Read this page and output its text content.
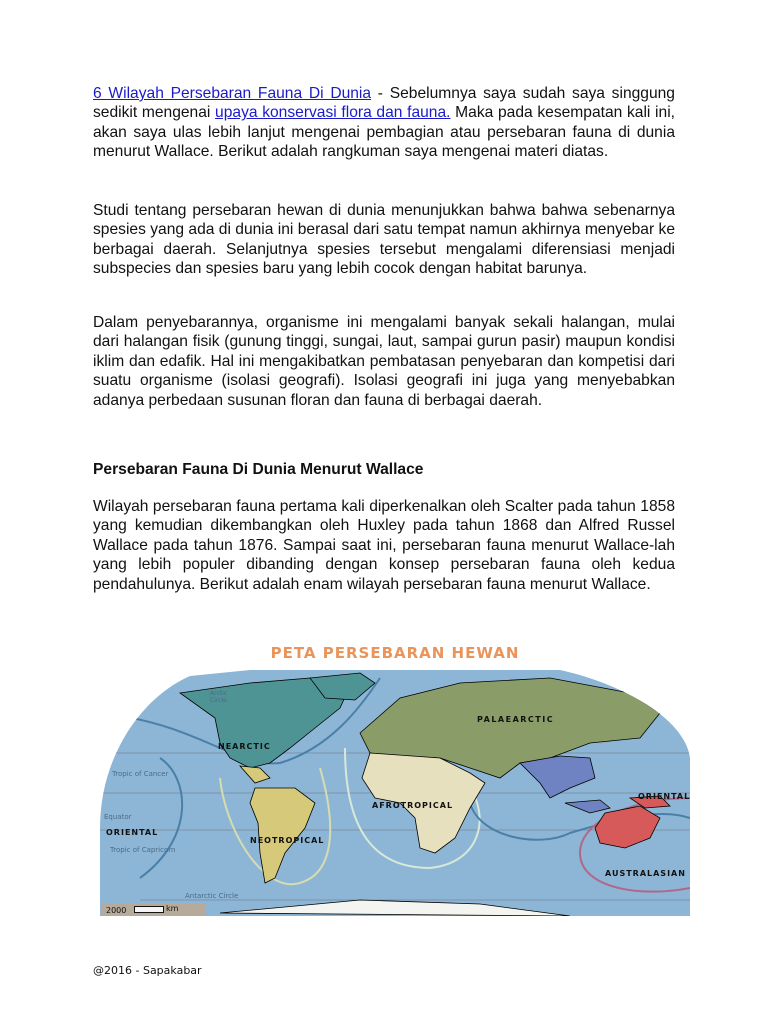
6 Wilayah Persebaran Fauna Di Dunia - Sebelumnya saya sudah saya singgung sedikit mengenai upaya konservasi flora dan fauna. Maka pada kesempatan kali ini, akan saya ulas lebih lanjut mengenai pembagian atau persebaran fauna di dunia menurut Wallace. Berikut adalah rangkuman saya mengenai materi diatas.

Studi tentang persebaran hewan di dunia menunjukkan bahwa bahwa sebenarnya spesies yang ada di dunia ini berasal dari satu tempat namun akhirnya menyebar ke berbagai daerah. Selanjutnya spesies tersebut mengalami diferensiasi menjadi subspecies dan spesies baru yang lebih cocok dengan habitat barunya.

Dalam penyebarannya, organisme ini mengalami banyak sekali halangan, mulai dari halangan fisik (gunung tinggi, sungai, laut, sampai gurun pasir) maupun kondisi iklim dan edafik. Hal ini mengakibatkan pembatasan penyebaran dan kompetisi dari suatu organisme (isolasi geografi). Isolasi geografi ini juga yang menyebabkan adanya perbedaan susunan floran dan fauna di berbagai daerah.

Persebaran Fauna Di Dunia Menurut Wallace

Wilayah persebaran fauna pertama kali diperkenalkan oleh Scalter pada tahun 1858 yang kemudian dikembangkan oleh Huxley pada tahun 1868 dan Alfred Russel Wallace pada tahun 1876. Sampai saat ini, persebaran fauna menurut Wallace-lah yang lebih populer dibanding dengan konsep persebaran fauna oleh kedua pendahulunya. Berikut adalah enam wilayah persebaran fauna menurut Wallace.

PETA PERSEBARAN HEWAN
Arctic Circle
NEARCTIC
PALAEARCTIC
Tropic of Cancer
AFROTROPICAL
ORIENTAL
Equator
ORIENTAL
NEOTROPICAL
Tropic of Capricorn
AUSTRALASIAN
Antarctic Circle
2000	km
@2016 - Sapakabar
